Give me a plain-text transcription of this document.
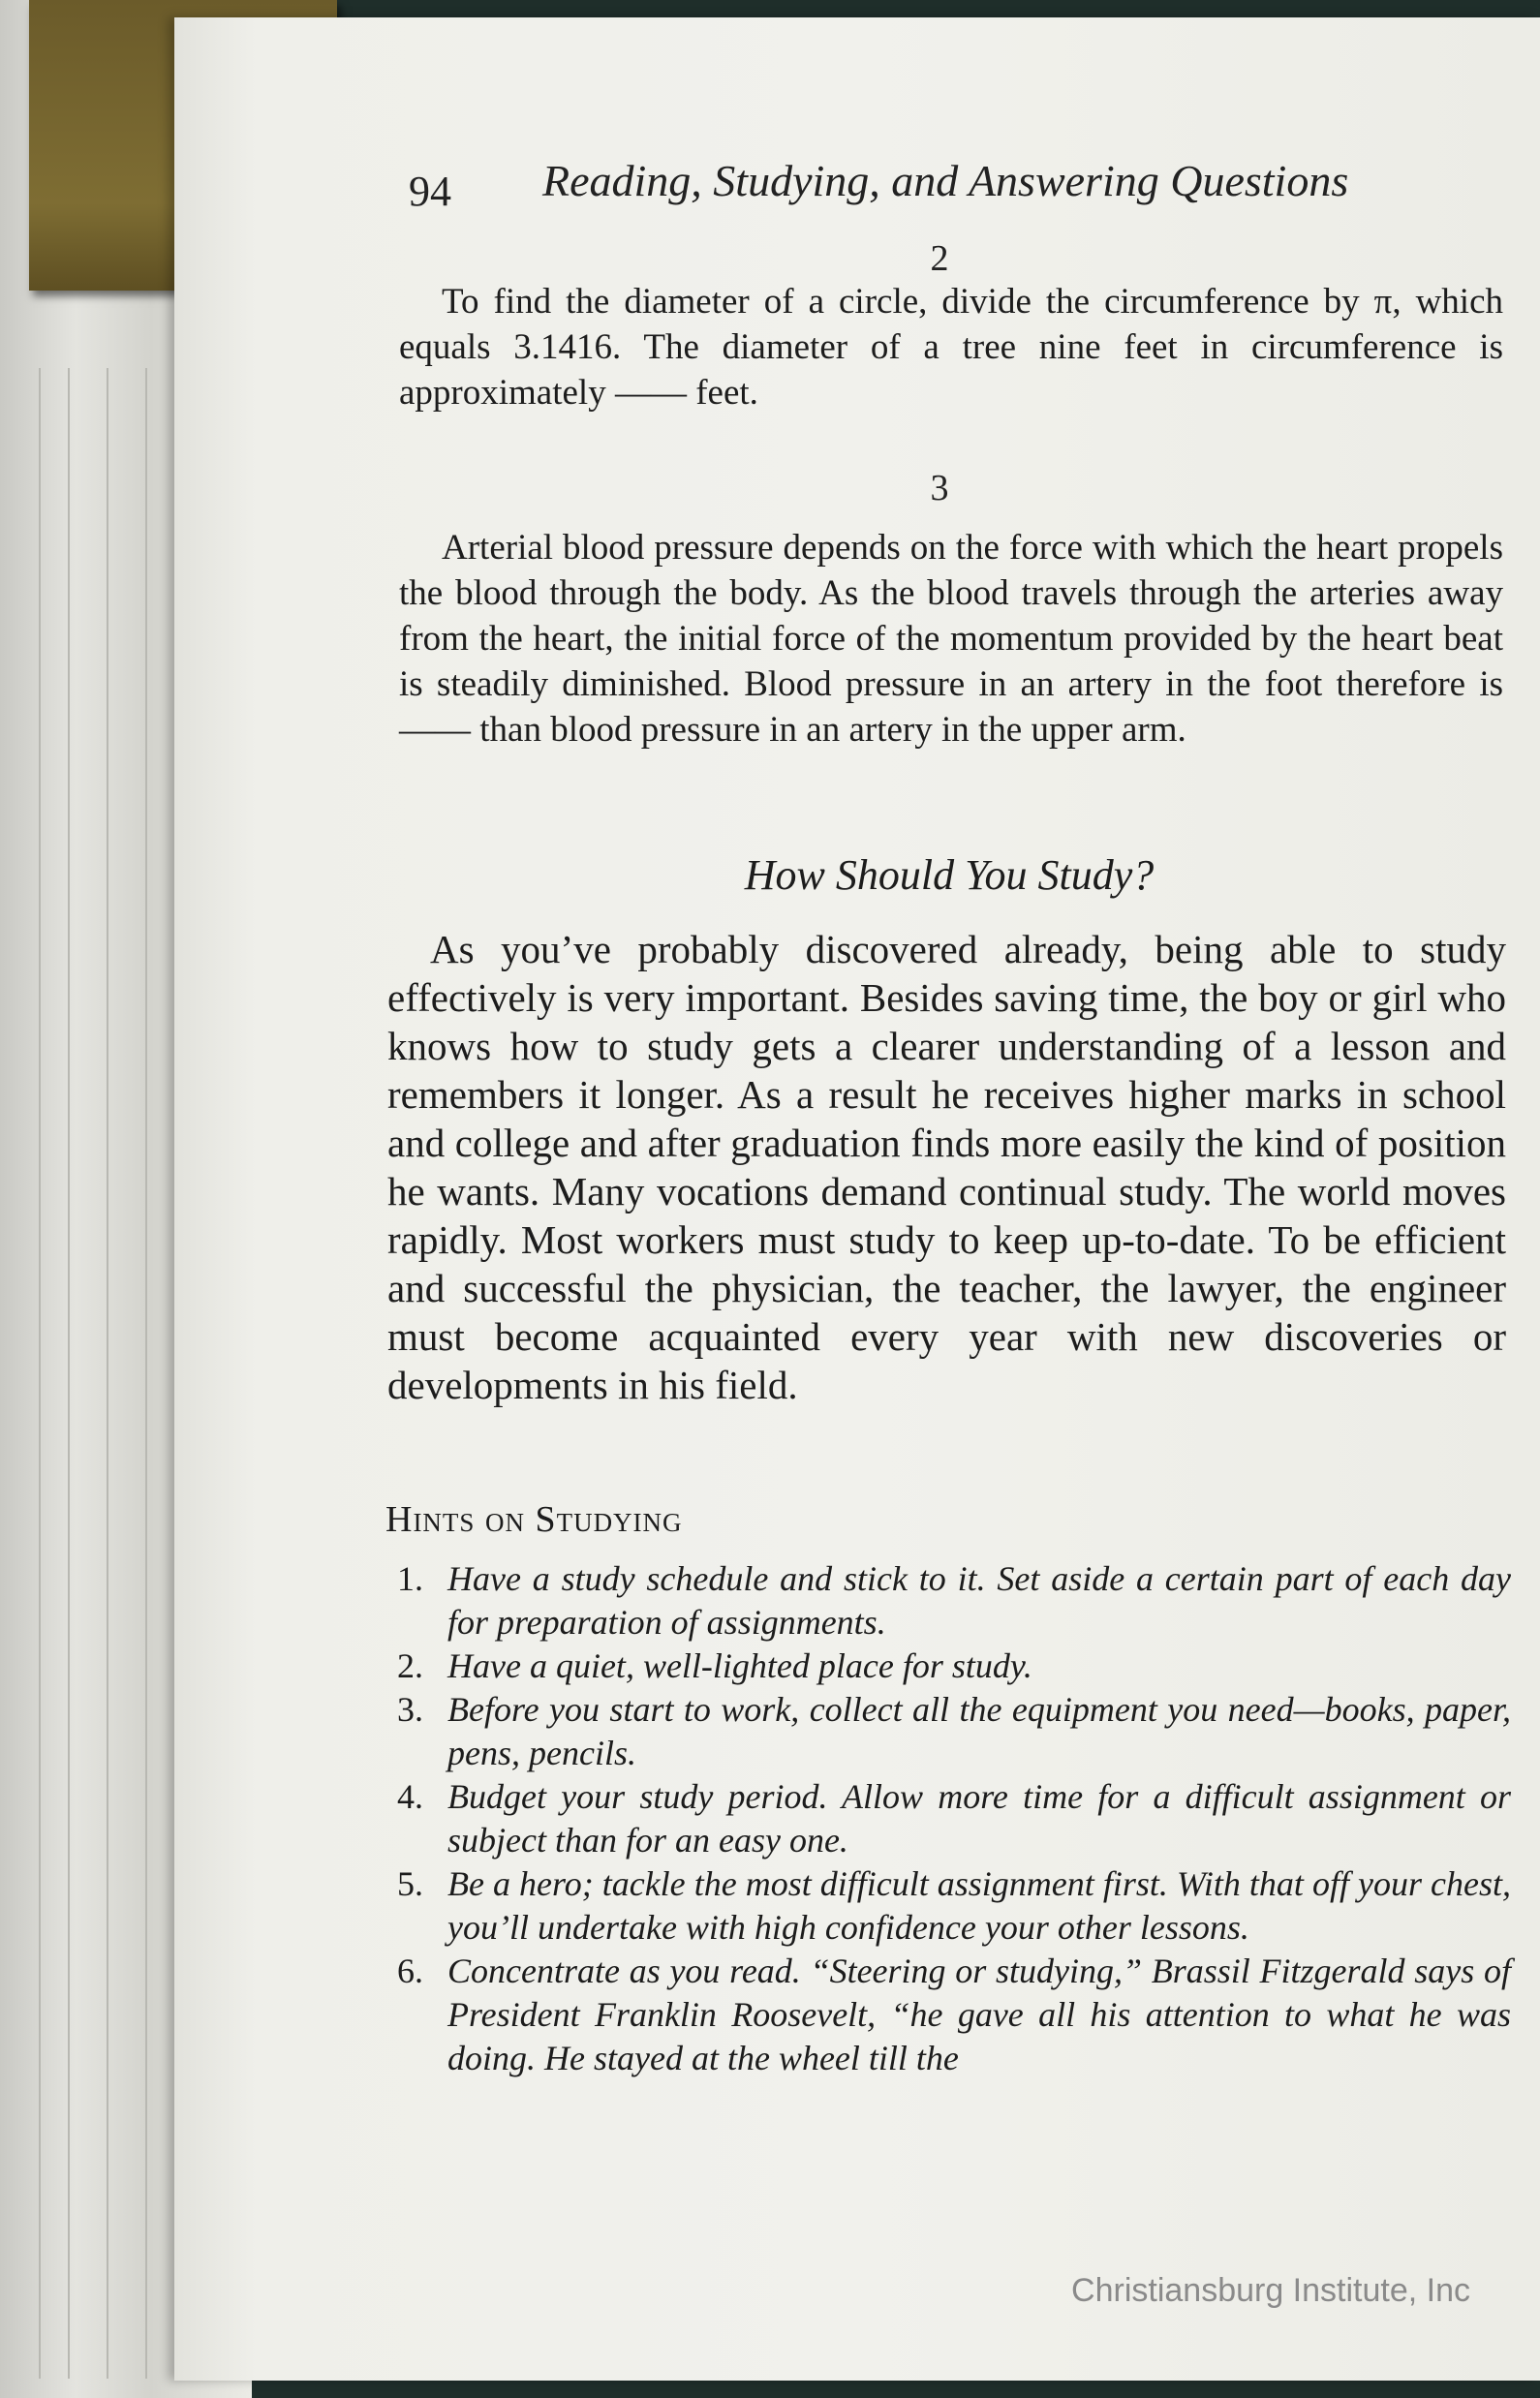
94 Reading, Studying, and Answering Questions
2

To find the diameter of a circle, divide the circumference by π, which equals 3.1416. The diameter of a tree nine feet in circumference is approximately —— feet.

3

Arterial blood pressure depends on the force with which the heart propels the blood through the body. As the blood travels through the arteries away from the heart, the initial force of the momentum provided by the heart beat is steadily diminished. Blood pressure in an artery in the foot therefore is —— than blood pressure in an artery in the upper arm.

How Should You Study?

As you’ve probably discovered already, being able to study effectively is very important. Besides saving time, the boy or girl who knows how to study gets a clearer understanding of a lesson and remembers it longer. As a result he receives higher marks in school and college and after graduation finds more easily the kind of position he wants. Many vocations demand continual study. The world moves rapidly. Most workers must study to keep up-to-date. To be efficient and successful the physician, the teacher, the lawyer, the engineer must become acquainted every year with new discoveries or developments in his field.

Hints on Studying
1. Have a study schedule and stick to it. Set aside a certain part of each day for preparation of assignments.
2. Have a quiet, well-lighted place for study.
3. Before you start to work, collect all the equipment you need—books, paper, pens, pencils.
4. Budget your study period. Allow more time for a difficult assignment or subject than for an easy one.
5. Be a hero; tackle the most difficult assignment first. With that off your chest, you’ll undertake with high confidence your other lessons.
6. Concentrate as you read. “Steering or studying,” Brassil Fitzgerald says of President Franklin Roosevelt, “he gave all his attention to what he was doing. He stayed at the wheel till the
Christiansburg Institute, Inc
